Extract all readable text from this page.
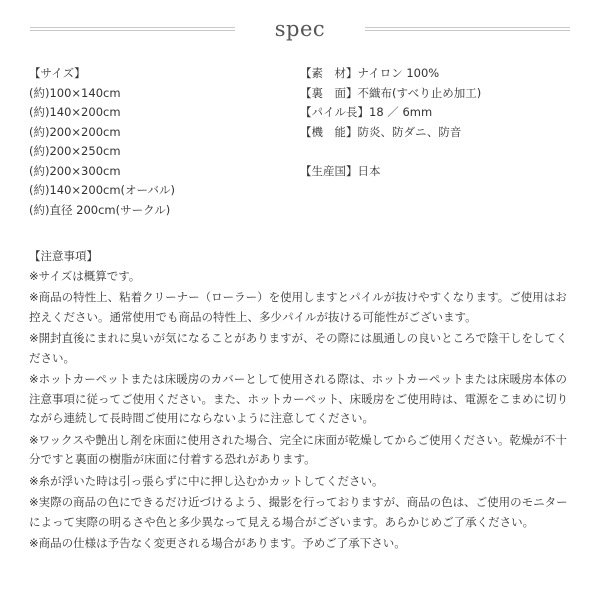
spec
【サイズ】
(約)100×140cm
(約)140×200cm
(約)200×200cm
(約)200×250cm
(約)200×300cm
(約)140×200cm(オーバル)
(約)直径 200cm(サークル)
【素　材】ナイロン 100%
【裏　面】不織布(すべり止め加工)
【パイル長】18 ／ 6mm
【機　能】防炎、防ダニ、防音
【生産国】日本
【注意事項】
※サイズは概算です。
※商品の特性上、粘着クリーナー（ローラー）を使用しますとパイルが抜けやすくなります。ご使用はお控えください。通常使用でも商品の特性上、多少パイルが抜ける可能性がございます。
※開封直後にまれに臭いが気になることがありますが、その際には風通しの良いところで陰干しをしてください。
※ホットカーペットまたは床暖房のカバーとして使用される際は、ホットカーペットまたは床暖房本体の注意事項に従ってご使用ください。また、ホットカーペット、床暖房をご使用時は、電源をこまめに切りながら連続して長時間ご使用にならないように注意してください。
※ワックスや艶出し剤を床面に使用された場合、完全に床面が乾燥してからご使用ください。乾燥が不十分ですと裏面の樹脂が床面に付着する恐れがあります。
※糸が浮いた時は引っ張らずに中に押し込むかカットしてください。
※実際の商品の色にできるだけ近づけるよう、撮影を行っておりますが、商品の色は、ご使用のモニターによって実際の明るさや色と多少異なって見える場合がございます。あらかじめご了承ください。
※商品の仕様は予告なく変更される場合があります。予めご了承下さい。
